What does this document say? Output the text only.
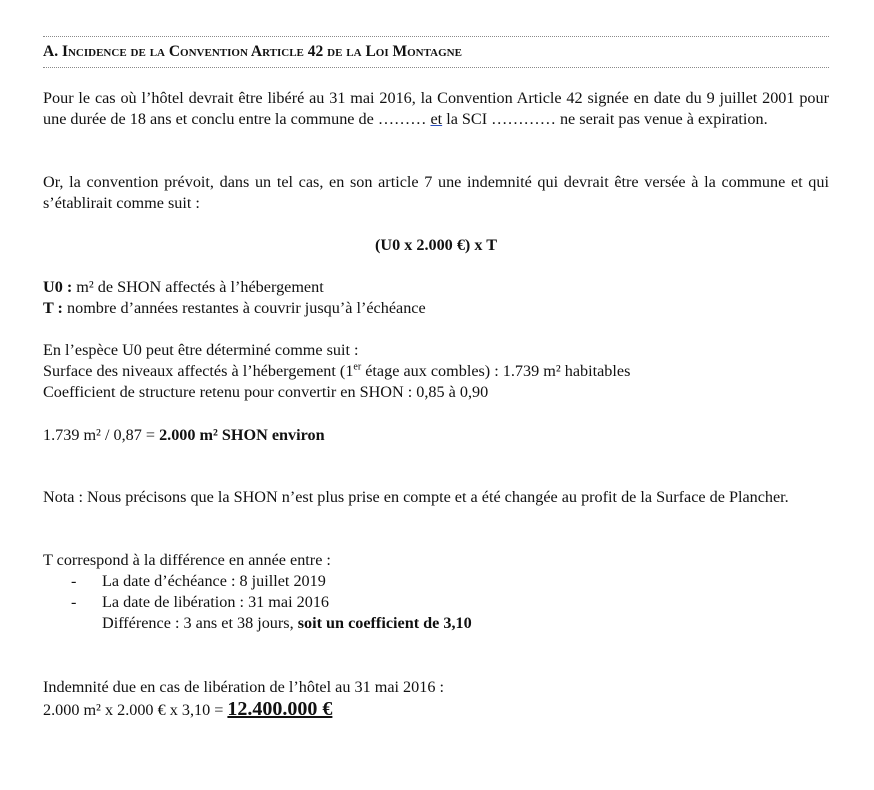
A. Incidence de la Convention Article 42 de la Loi Montagne
Pour le cas où l’hôtel devrait être libéré au 31 mai 2016, la Convention Article 42 signée en date du 9 juillet 2001 pour une durée de 18 ans et conclu entre la commune de ……… et la SCI ………… ne serait pas venue à expiration.
Or, la convention prévoit, dans un tel cas, en son article 7 une indemnité qui devrait être versée à la commune et qui s’établirait comme suit :
(U0 x 2.000 €) x T
U0 : m² de SHON affectés à l’hébergement
T : nombre d’années restantes à couvrir jusqu’à l’échéance
En l’espèce U0 peut être déterminé comme suit :
Surface des niveaux affectés à l’hébergement (1er étage aux combles) : 1.739 m² habitables
Coefficient de structure retenu pour convertir en SHON : 0,85 à 0,90
1.739 m² / 0,87 = 2.000 m² SHON environ
Nota : Nous précisons que la SHON n’est plus prise en compte et a été changée au profit de la Surface de Plancher.
T correspond à la différence en année entre :
- La date d’échéance : 8 juillet 2019
- La date de libération : 31 mai 2016
Différence : 3 ans et 38 jours, soit un coefficient de 3,10
Indemnité due en cas de libération de l’hôtel au 31 mai 2016 :
2.000 m² x 2.000 € x 3,10 = 12.400.000 €
